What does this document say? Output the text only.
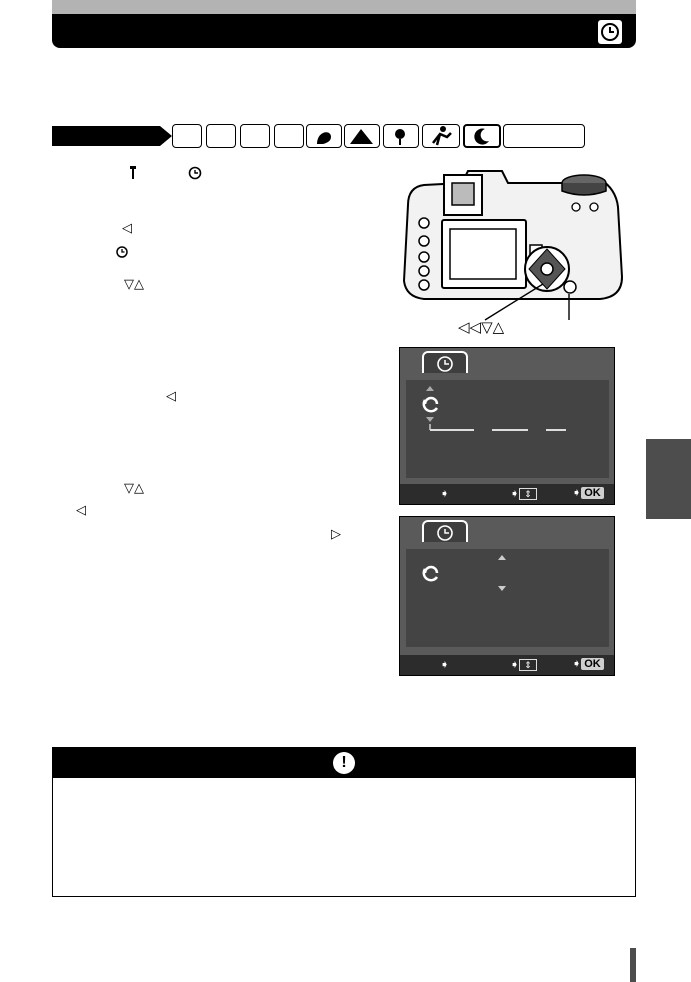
◁
▽△
◁
▽△
◁
▷
◁◁▽△
➧	➧ ⇕	➧ OK
➧	➧ ⇕	➧ OK
!
